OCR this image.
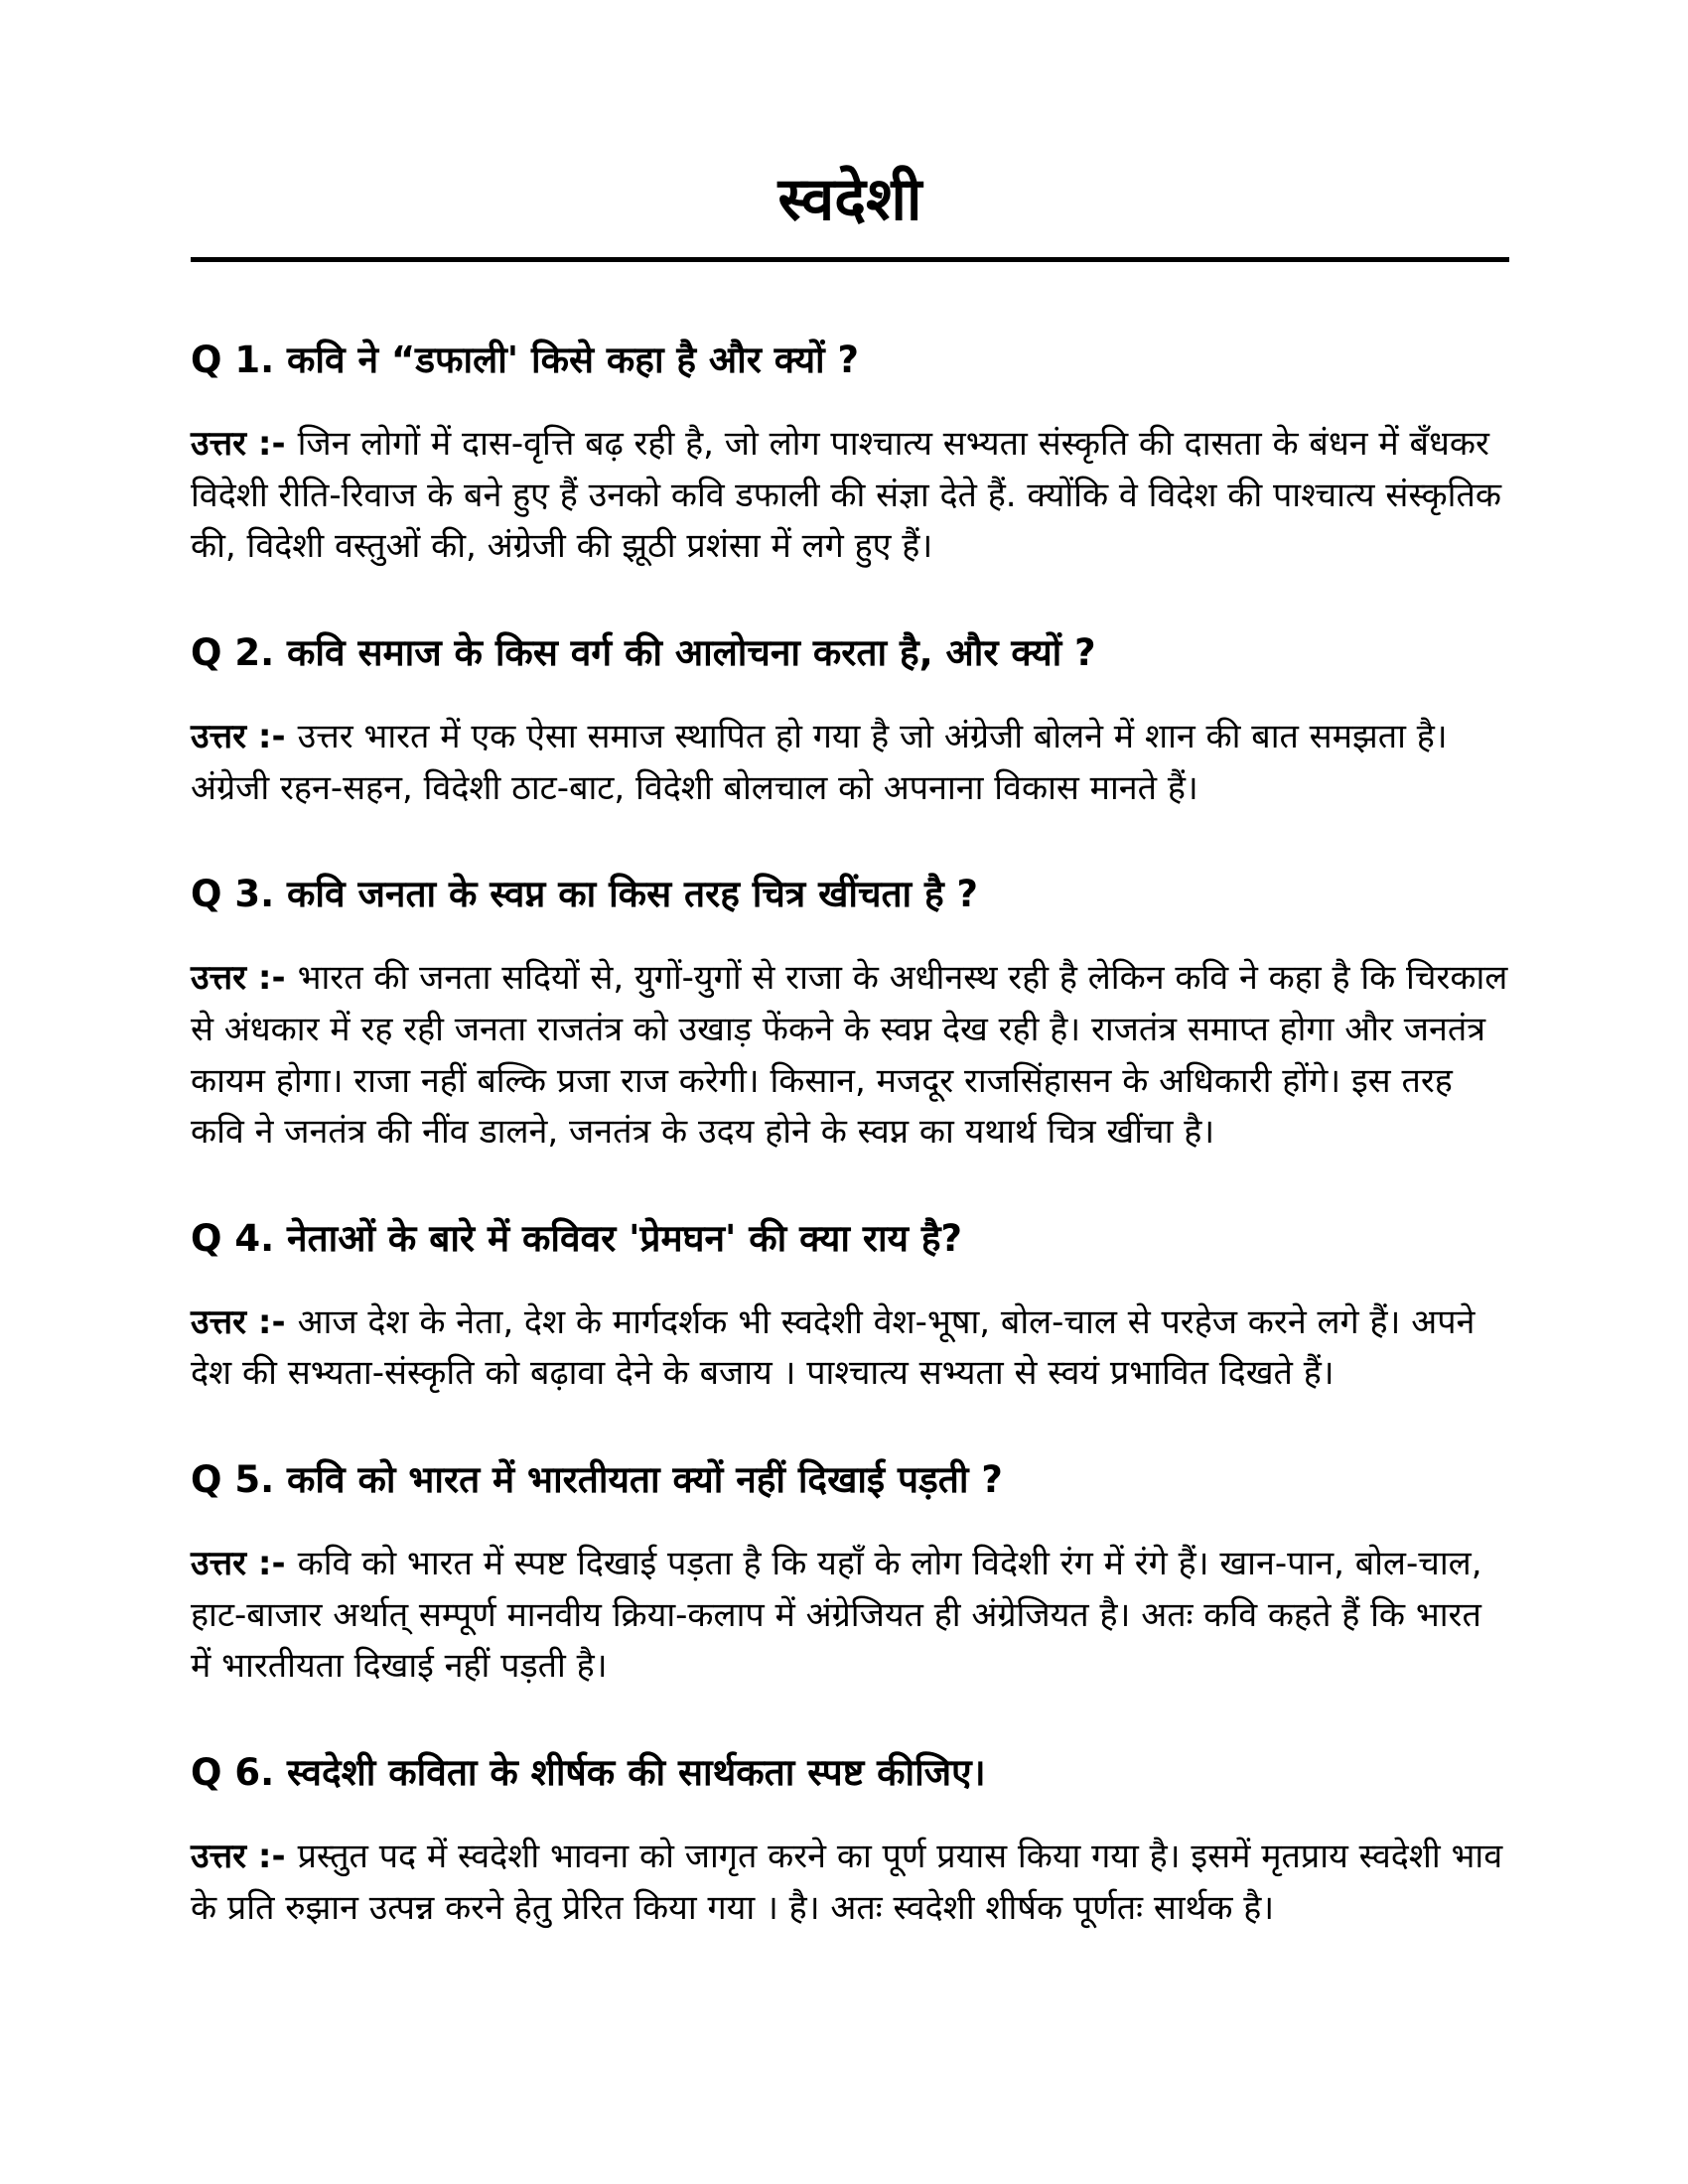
स्वदेशी
Q 1. कवि ने “डफाली' किसे कहा है और क्यों ?

उत्तर :- जिन लोगों में दास-वृत्ति बढ़ रही है, जो लोग पाश्चात्य सभ्यता संस्कृति की दासता के बंधन में बँधकर विदेशी रीति-रिवाज के बने हुए हैं उनको कवि डफाली की संज्ञा देते हैं. क्योंकि वे विदेश की पाश्चात्य संस्कृतिक की, विदेशी वस्तुओं की, अंग्रेजी की झूठी प्रशंसा में लगे हुए हैं।

Q 2. कवि समाज के किस वर्ग की आलोचना करता है, और क्यों ?

उत्तर :- उत्तर भारत में एक ऐसा समाज स्थापित हो गया है जो अंग्रेजी बोलने में शान की बात समझता है। अंग्रेजी रहन-सहन, विदेशी ठाट-बाट, विदेशी बोलचाल को अपनाना विकास मानते हैं।

Q 3. कवि जनता के स्वप्न का किस तरह चित्र खींचता है ?

उत्तर :- भारत की जनता सदियों से, युगों-युगों से राजा के अधीनस्थ रही है लेकिन कवि ने कहा है कि चिरकाल से अंधकार में रह रही जनता राजतंत्र को उखाड़ फेंकने के स्वप्न देख रही है। राजतंत्र समाप्त होगा और जनतंत्र कायम होगा। राजा नहीं बल्कि प्रजा राज करेगी। किसान, मजदूर राजसिंहासन के अधिकारी होंगे। इस तरह कवि ने जनतंत्र की नींव डालने, जनतंत्र के उदय होने के स्वप्न का यथार्थ चित्र खींचा है।

Q 4. नेताओं के बारे में कविवर 'प्रेमघन' की क्या राय है?

उत्तर :- आज देश के नेता, देश के मार्गदर्शक भी स्वदेशी वेश-भूषा, बोल-चाल से परहेज करने लगे हैं। अपने देश की सभ्यता-संस्कृति को बढ़ावा देने के बजाय । पाश्चात्य सभ्यता से स्वयं प्रभावित दिखते हैं।

Q 5. कवि को भारत में भारतीयता क्यों नहीं दिखाई पड़ती ?

उत्तर :- कवि को भारत में स्पष्ट दिखाई पड़ता है कि यहाँ के लोग विदेशी रंग में रंगे हैं। खान-पान, बोल-चाल, हाट-बाजार अर्थात् सम्पूर्ण मानवीय क्रिया-कलाप में अंग्रेजियत ही अंग्रेजियत है। अतः कवि कहते हैं कि भारत में भारतीयता दिखाई नहीं पड़ती है।

Q 6. स्वदेशी कविता के शीर्षक की सार्थकता स्पष्ट कीजिए।

उत्तर :- प्रस्तुत पद में स्वदेशी भावना को जागृत करने का पूर्ण प्रयास किया गया है। इसमें मृतप्राय स्वदेशी भाव के प्रति रुझान उत्पन्न करने हेतु प्रेरित किया गया । है। अतः स्वदेशी शीर्षक पूर्णतः सार्थक है।
